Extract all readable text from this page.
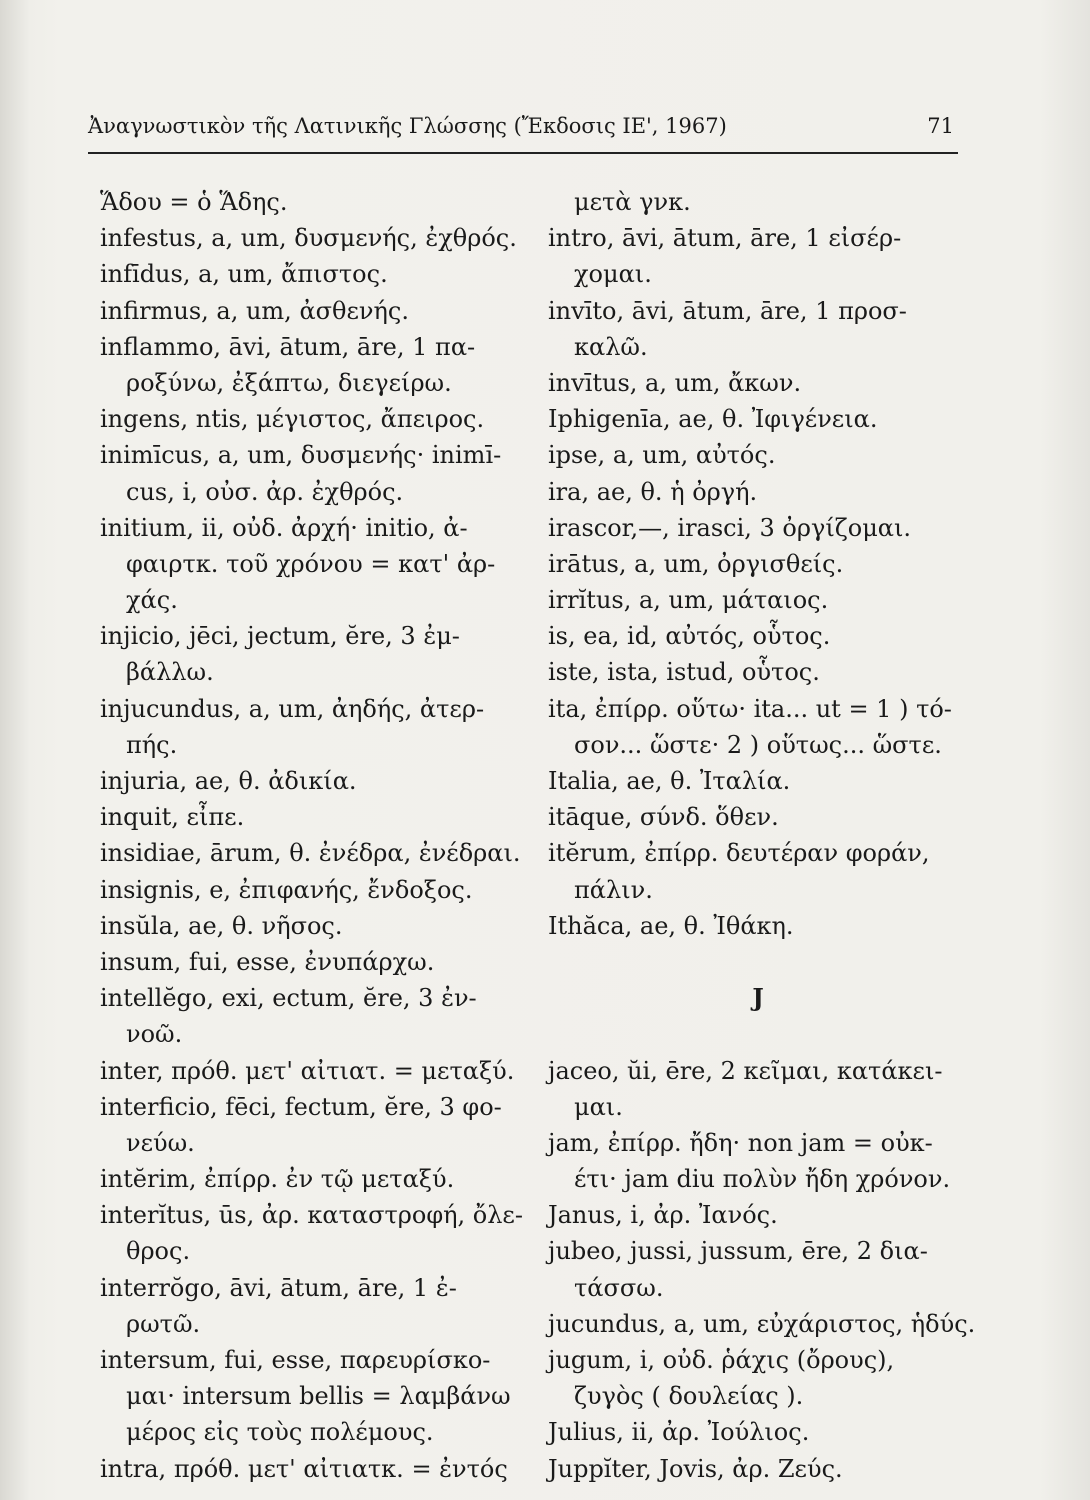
Ἀναγνωστικὸν τῆς Λατινικῆς Γλώσσης (Ἔκδοσις ΙΕ', 1967)	71
Ἅδου = ὁ Ἅδης.
infestus, a, um, δυσμενής, ἐχθρός.
infīdus, a, um, ἄπιστος.
infirmus, a, um, ἀσθενής.
inflammo, āvi, ātum, āre, 1 πα-
ροξύνω, ἐξάπτω, διεγείρω.
ingens, ntis, μέγιστος, ἄπειρος.
inimīcus, a, um, δυσμενής· inimī-
cus, i, οὐσ. ἀρ. ἐχθρός.
initium, ii, οὐδ. ἀρχή· initio, ἀ-
φαιρτκ. τοῦ χρόνου = κατ' ἀρ-
χάς.
injicio, jēci, jectum, ĕre, 3 ἐμ-
βάλλω.
injucundus, a, um, ἀηδής, ἀτερ-
πής.
injuria, ae, θ. ἀδικία.
inquit, εἶπε.
insidiae, ārum, θ. ἐνέδρα, ἐνέδραι.
insignis, e, ἐπιφανής, ἔνδοξος.
insŭla, ae, θ. νῆσος.
insum, fui, esse, ἐνυπάρχω.
intellĕgo, exi, ectum, ĕre, 3 ἐν-
νοῶ.
inter, πρόθ. μετ' αἰτιατ. = μεταξύ.
interficio, fēci, fectum, ĕre, 3 φο-
νεύω.
intĕrim, ἐπίρρ. ἐν τῷ μεταξύ.
interĭtus, ūs, ἀρ. καταστροφή, ὄλε-
θρος.
interrŏgo, āvi, ātum, āre, 1 ἐ-
ρωτῶ.
intersum, fui, esse, παρευρίσκο-
μαι· intersum bellis = λαμβάνω
μέρος εἰς τοὺς πολέμους.
intra, πρόθ. μετ' αἰτιατκ. = ἐντός
μετὰ γνκ.
intro, āvi, ātum, āre, 1 εἰσέρ-
χομαι.
invīto, āvi, ātum, āre, 1 προσ-
καλῶ.
invītus, a, um, ἄκων.
Iphigenīa, ae, θ. Ἰφιγένεια.
ipse, a, um, αὐτός.
ira, ae, θ. ἡ ὀργή.
irascor,—, irasci, 3 ὀργίζομαι.
irātus, a, um, ὀργισθείς.
irrĭtus, a, um, μάταιος.
is, ea, id, αὐτός, οὗτος.
iste, ista, istud, οὗτος.
ita, ἐπίρρ. οὕτω· ita... ut = 1 ) τό-
σον... ὥστε· 2 ) οὕτως... ὥστε.
Italia, ae, θ. Ἰταλία.
itāque, σύνδ. ὅθεν.
itĕrum, ἐπίρρ. δευτέραν φοράν,
πάλιν.
Ithăca, ae, θ. Ἰθάκη.
J
jaceo, ŭi, ēre, 2 κεῖμαι, κατάκει-
μαι.
jam, ἐπίρρ. ἤδη· non jam = οὐκ-
έτι· jam diu πολὺν ἤδη χρόνον.
Janus, i, ἀρ. Ἰανός.
jubeo, jussi, jussum, ēre, 2 δια-
τάσσω.
jucundus, a, um, εὐχάριστος, ἡδύς.
jugum, i, οὐδ. ῥάχις (ὄρους),
ζυγὸς ( δουλείας ).
Julius, ii, ἀρ. Ἰούλιος.
Juppĭter, Jovis, ἀρ. Ζεύς.
